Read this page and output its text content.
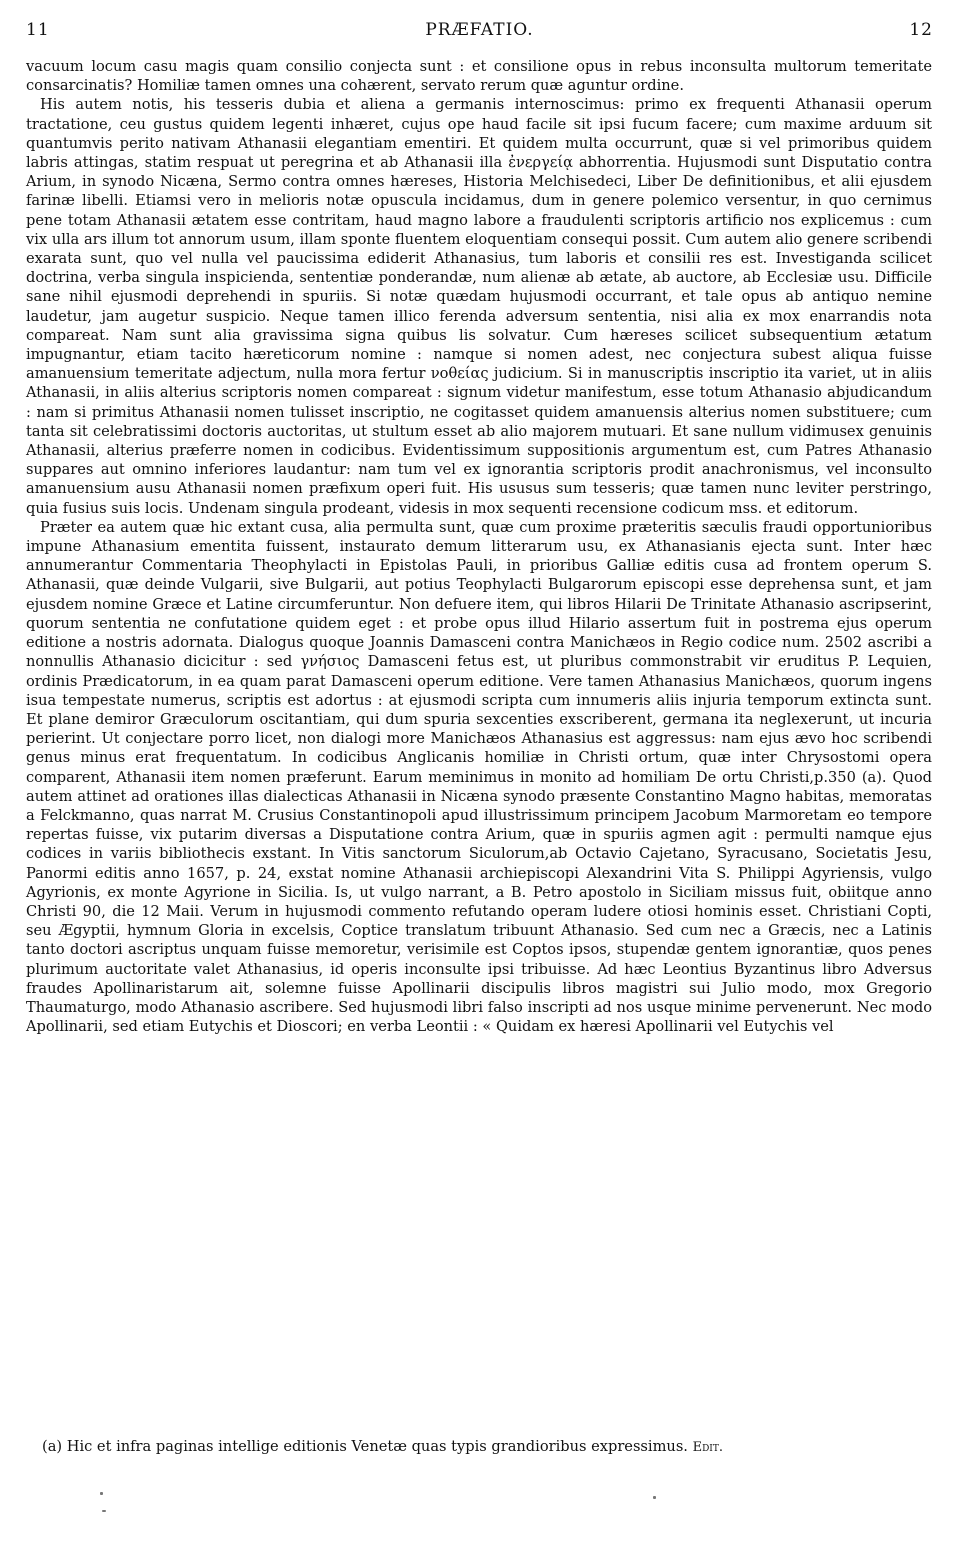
11	PRÆFATIO.	12

vacuum locum casu magis quam consilio conjecta sunt : et consilione opus in rebus inconsulta multorum temeritate consarcinatis? Homiliæ tamen omnes una cohærent, servato rerum quæ aguntur ordine.

His autem notis, his tesseris dubia et aliena a germanis internoscimus: primo ex frequenti Athanasii operum tractatione, ceu gustus quidem legenti inhæret, cujus ope haud facile sit ipsi fucum facere; cum maxime arduum sit quantumvis perito nativam Athanasii elegantiam ementiri. Et quidem multa occurrunt, quæ si vel primoribus quidem labris attingas, statim respuat ut peregrina et ab Athanasii illa ἐνεργείᾳ abhorrentia. Hujusmodi sunt Disputatio contra Arium, in synodo Nicæna, Sermo contra omnes hæreses, Historia Melchisedeci, Liber De definitionibus, et alii ejusdem farinæ libelli. Etiamsi vero in melioris notæ opuscula incidamus, dum in genere polemico versentur, in quo cernimus pene totam Athanasii ætatem esse contritam, haud magno labore a fraudulenti scriptoris artificio nos explicemus : cum vix ulla ars illum tot annorum usum, illam sponte fluentem eloquentiam consequi possit. Cum autem alio genere scribendi exarata sunt, quo vel nulla vel paucissima ediderit Athanasius, tum laboris et consilii res est. Investiganda scilicet doctrina, verba singula inspicienda, sententiæ ponderandæ, num alienæ ab ætate, ab auctore, ab Ecclesiæ usu. Difficile sane nihil ejusmodi deprehendi in spuriis. Si notæ quædam hujusmodi occurrant, et tale opus ab antiquo nemine laudetur, jam augetur suspicio. Neque tamen illico ferenda adversum sententia, nisi alia ex mox enarrandis nota compareat. Nam sunt alia gravissima signa quibus lis solvatur. Cum hæreses scilicet subsequentium ætatum impugnantur, etiam tacito hæreticorum nomine : namque si nomen adest, nec conjectura subest aliqua fuisse amanuensium temeritate adjectum, nulla mora fertur νοθείας judicium. Si in manuscriptis inscriptio ita variet, ut in aliis Athanasii, in aliis alterius scriptoris nomen compareat : signum videtur manifestum, esse totum Athanasio abjudicandum : nam si primitus Athanasii nomen tulisset inscriptio, ne cogitasset quidem amanuensis alterius nomen substituere; cum tanta sit celebratissimi doctoris auctoritas, ut stultum esset ab alio majorem mutuari. Et sane nullum vidimusex genuinis Athanasii, alterius præferre nomen in codicibus. Evidentissimum suppositionis argumentum est, cum Patres Athanasio suppares aut omnino inferiores laudantur: nam tum vel ex ignorantia scriptoris prodit anachronismus, vel inconsulto amanuensium ausu Athanasii nomen præfixum operi fuit. His ususus sum tesseris; quæ tamen nunc leviter perstringo, quia fusius suis locis. Undenam singula prodeant, videsis in mox sequenti recensione codicum mss. et editorum.

Præter ea autem quæ hic extant cusa, alia permulta sunt, quæ cum proxime præteritis sæculis fraudi opportunioribus impune Athanasium ementita fuissent, instaurato demum litterarum usu, ex Athanasianis ejecta sunt. Inter hæc annumerantur Commentaria Theophylacti in Epistolas Pauli, in prioribus Galliæ editis cusa ad frontem operum S. Athanasii, quæ deinde Vulgarii, sive Bulgarii, aut potius Teophylacti Bulgarorum episcopi esse deprehensa sunt, et jam ejusdem nomine Græce et Latine circumferuntur. Non defuere item, qui libros Hilarii De Trinitate Athanasio ascripserint, quorum sententia ne confutatione quidem eget : et probe opus illud Hilario assertum fuit in postrema ejus operum editione a nostris adornata. Dialogus quoque Joannis Damasceni contra Manichæos in Regio codice num. 2502 ascribi a nonnullis Athanasio dicicitur : sed γνήσιος Damasceni fetus est, ut pluribus commonstrabit vir eruditus P. Lequien, ordinis Prædicatorum, in ea quam parat Damasceni operum editione. Vere tamen Athanasius Manichæos, quorum ingens isua tempestate numerus, scriptis est adortus : at ejusmodi scripta cum innumeris aliis injuria temporum extincta sunt. Et plane demiror Græculorum oscitantiam, qui dum spuria sexcenties exscriberent, germana ita neglexerunt, ut incuria perierint. Ut conjectare porro licet, non dialogi more Manichæos Athanasius est aggressus: nam ejus ævo hoc scribendi genus minus erat frequentatum. In codicibus Anglicanis homiliæ in Christi ortum, quæ inter Chrysostomi opera comparent, Athanasii item nomen præferunt. Earum meminimus in monito ad homiliam De ortu Christi,p.350 (a). Quod autem attinet ad orationes illas dialecticas Athanasii in Nicæna synodo præsente Constantino Magno habitas, memoratas a Felckmanno, quas narrat M. Crusius Constantinopoli apud illustrissimum principem Jacobum Marmoretam eo tempore repertas fuisse, vix putarim diversas a Disputatione contra Arium, quæ in spuriis agmen agit : permulti namque ejus codices in variis bibliothecis exstant. In Vitis sanctorum Siculorum,ab Octavio Cajetano, Syracusano, Societatis Jesu, Panormi editis anno 1657, p. 24, exstat nomine Athanasii archiepiscopi Alexandrini Vita S. Philippi Agyriensis, vulgo Agyrionis, ex monte Agyrione in Sicilia. Is, ut vulgo narrant, a B. Petro apostolo in Siciliam missus fuit, obiitque anno Christi 90, die 12 Maii. Verum in hujusmodi commento refutando operam ludere otiosi hominis esset. Christiani Copti, seu Ægyptii, hymnum Gloria in excelsis, Coptice translatum tribuunt Athanasio. Sed cum nec a Græcis, nec a Latinis tanto doctori ascriptus unquam fuisse memoretur, verisimile est Coptos ipsos, stupendæ gentem ignorantiæ, quos penes plurimum auctoritate valet Athanasius, id operis inconsulte ipsi tribuisse. Ad hæc Leontius Byzantinus libro Adversus fraudes Apollinaristarum ait, solemne fuisse Apollinarii discipulis libros magistri sui Julio modo, mox Gregorio Thaumaturgo, modo Athanasio ascribere. Sed hujusmodi libri falso inscripti ad nos usque minime pervenerunt. Nec modo Apollinarii, sed etiam Eutychis et Dioscori; en verba Leontii : « Quidam ex hæresi Apollinarii vel Eutychis vel

(a) Hic et infra paginas intellige editionis Venetæ quas typis grandioribus expressimus. Edit.
